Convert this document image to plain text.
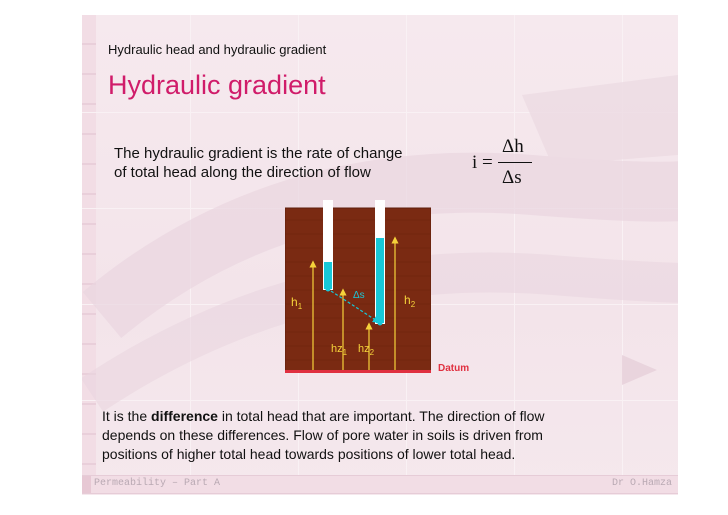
Hydraulic head and hydraulic gradient
Hydraulic gradient
The hydraulic gradient is the rate of change
of total head along the direction of flow	i =
Δh
Δs
$h_1$	$h_2$
$hz_1$ $hz_2$
Δs
Datum
It is the difference in total head that are important. The direction of flow
depends on these differences. Flow of pore water in soils is driven from
positions of higher total head towards positions of lower total head.
Permeability – Part A	Dr O.Hamza
